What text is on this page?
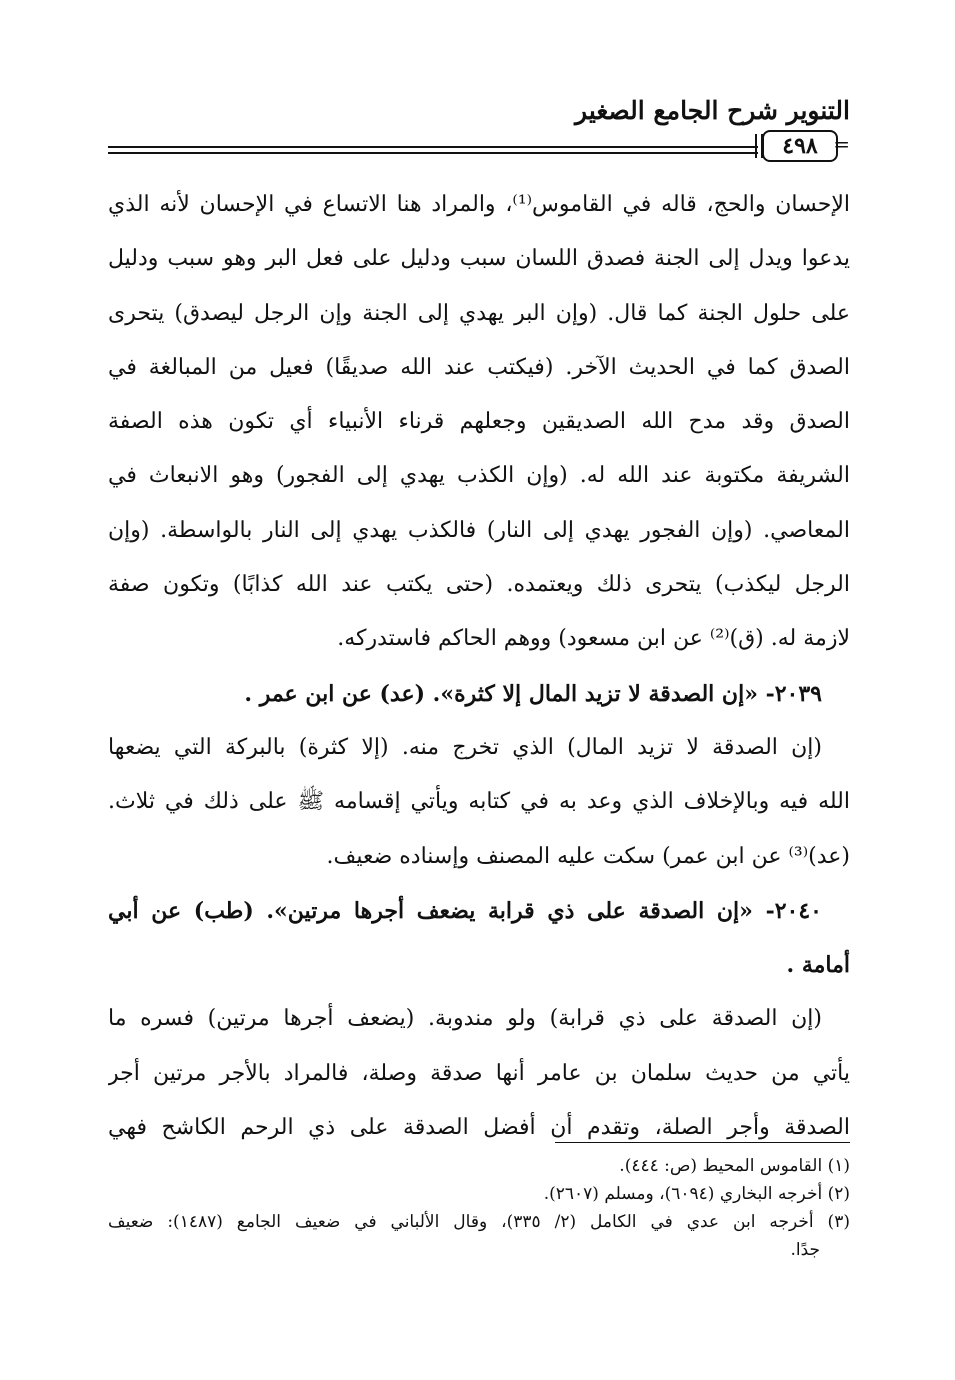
التنوير شرح الجامع الصغير
٤٩٨ =
الإحسان والحج، قاله في القاموس⁽¹⁾، والمراد هنا الاتساع في الإحسان لأنه الذي
يدعوا ويدل إلى الجنة فصدق اللسان سبب ودليل على فعل البر وهو سبب ودليل
على حلول الجنة كما قال. (وإن البر يهدي إلى الجنة وإن الرجل ليصدق) يتحرى
الصدق كما في الحديث الآخر. (فيكتب عند الله صديقًا) فعيل من المبالغة في
الصدق وقد مدح الله الصديقين وجعلهم قرناء الأنبياء أي تكون هذه الصفة
الشريفة مكتوبة عند الله له. (وإن الكذب يهدي إلى الفجور) وهو الانبعاث في
المعاصي. (وإن الفجور يهدي إلى النار) فالكذب يهدي إلى النار بالواسطة. (وإن
الرجل ليكذب) يتحرى ذلك ويعتمده. (حتى يكتب عند الله كذابًا) وتكون صفة
لازمة له. (ق)⁽²⁾ عن ابن مسعود) ووهم الحاكم فاستدركه.
٢٠٣٩- «إن الصدقة لا تزيد المال إلا كثرة». (عد) عن ابن عمر .
(إن الصدقة لا تزيد المال) الذي تخرج منه. (إلا كثرة) بالبركة التي يضعها
الله فيه وبالإخلاف الذي وعد به في كتابه ويأتي إقسامه ﷺ على ذلك في ثلاث.
(عد)⁽³⁾ عن ابن عمر) سكت عليه المصنف وإسناده ضعيف.
٢٠٤٠- «إن الصدقة على ذي قرابة يضعف أجرها مرتين». (طب) عن أبي
أمامة .
(إن الصدقة على ذي قرابة) ولو مندوبة. (يضعف أجرها مرتين) فسره ما
يأتي من حديث سلمان بن عامر أنها صدقة وصلة، فالمراد بالأجر مرتين أجر
الصدقة وأجر الصلة، وتقدم أن أفضل الصدقة على ذي الرحم الكاشح فهي
(١) القاموس المحيط (ص: ٤٤٤).
(٢) أخرجه البخاري (٦٠٩٤)، ومسلم (٢٦٠٧).
(٣) أخرجه ابن عدي في الكامل (٢/ ٣٣٥)، وقال الألباني في ضعيف الجامع (١٤٨٧): ضعيف
جدًا.
